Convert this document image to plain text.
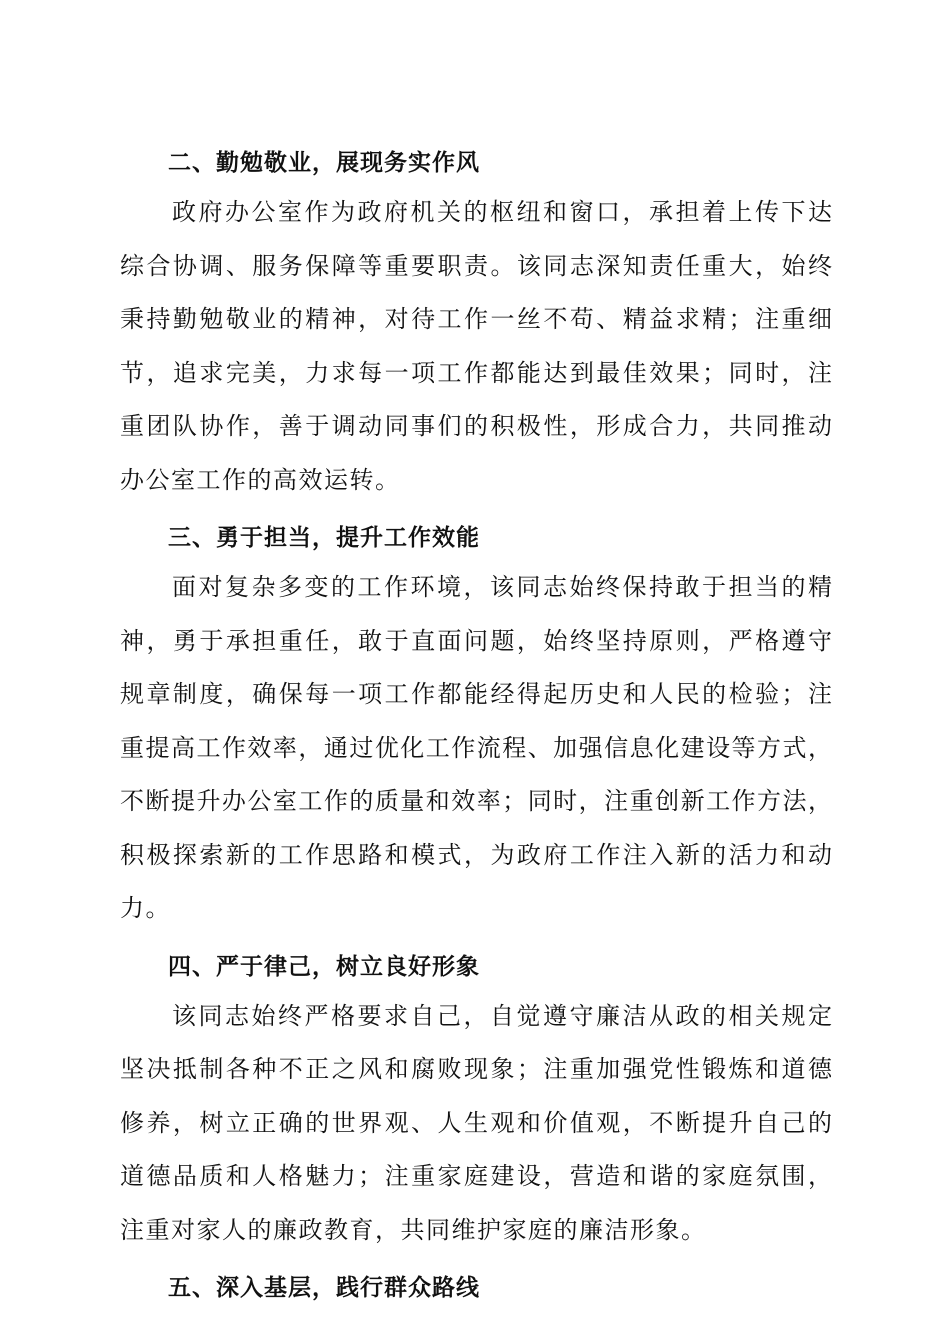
二、勤勉敬业，展现务实作风

政府办公室作为政府机关的枢纽和窗口，承担着上传下达
综合协调、服务保障等重要职责。该同志深知责任重大，始终
秉持勤勉敬业的精神，对待工作一丝不苟、精益求精；注重细
节，追求完美，力求每一项工作都能达到最佳效果；同时，注
重团队协作，善于调动同事们的积极性，形成合力，共同推动
办公室工作的高效运转。

三、勇于担当，提升工作效能

面对复杂多变的工作环境，该同志始终保持敢于担当的精
神，勇于承担重任，敢于直面问题，始终坚持原则，严格遵守
规章制度，确保每一项工作都能经得起历史和人民的检验；注
重提高工作效率，通过优化工作流程、加强信息化建设等方式，
不断提升办公室工作的质量和效率；同时，注重创新工作方法，
积极探索新的工作思路和模式，为政府工作注入新的活力和动
力。

四、严于律己，树立良好形象

该同志始终严格要求自己，自觉遵守廉洁从政的相关规定
坚决抵制各种不正之风和腐败现象；注重加强党性锻炼和道德
修养，树立正确的世界观、人生观和价值观，不断提升自己的
道德品质和人格魅力；注重家庭建设，营造和谐的家庭氛围，
注重对家人的廉政教育，共同维护家庭的廉洁形象。

五、深入基层，践行群众路线
